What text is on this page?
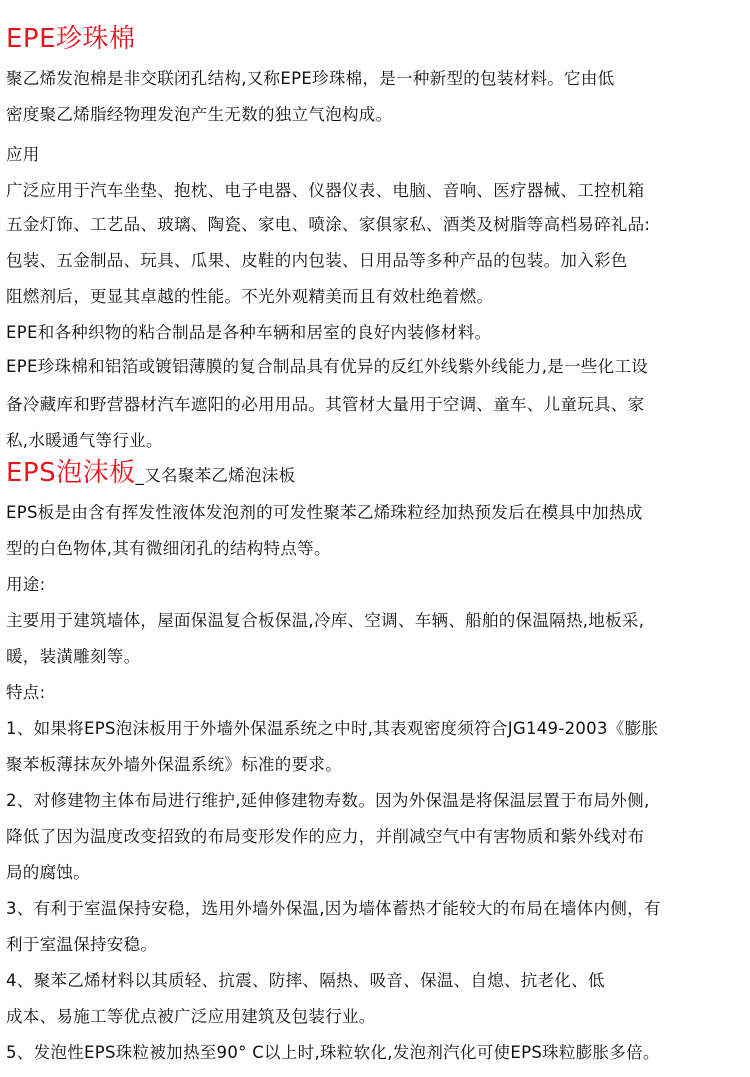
EPE珍珠棉
聚乙烯发泡棉是非交联闭孔结构,又称EPE珍珠棉，是一种新型的包装材料。它由低
密度聚乙烯脂经物理发泡产生无数的独立气泡构成。
应用
广泛应用于汽车坐垫、抱枕、电子电器、仪器仪表、电脑、音响、医疗器械、工控机箱
五金灯饰、工艺品、玻璃、陶瓷、家电、喷涂、家俱家私、酒类及树脂等高档易碎礼品:
包装、五金制品、玩具、瓜果、皮鞋的内包装、日用品等多种产品的包装。加入彩色
阻燃剂后，更显其卓越的性能。不光外观精美而且有效杜绝着燃。
EPE和各种织物的粘合制品是各种车辆和居室的良好内装修材料。
EPE珍珠棉和铝箔或镀铝薄膜的复合制品具有优异的反红外线紫外线能力,是一些化工设
备冷藏库和野营器材汽车遮阳的必用用品。其管材大量用于空调、童车、儿童玩具、家
私,水暖通气等行业。
EPS泡沫板_又名聚苯乙烯泡沫板
EPS板是由含有挥发性液体发泡剂的可发性聚苯乙烯珠粒经加热预发后在模具中加热成
型的白色物体,其有微细闭孔的结构特点等。
用途:
主要用于建筑墙体，屋面保温复合板保温,冷库、空调、车辆、船舶的保温隔热,地板采,
暖，装潢雕刻等。
特点:
1、如果将EPS泡沫板用于外墙外保温系统之中时,其表观密度须符合JG149-2003《膨胀
聚苯板薄抹灰外墙外保温系统》标准的要求。
2、对修建物主体布局进行维护,延伸修建物寿数。因为外保温是将保温层置于布局外侧,
降低了因为温度改变招致的布局变形发作的应力，并削减空气中有害物质和紫外线对布
局的腐蚀。
3、有利于室温保持安稳，选用外墙外保温,因为墙体蓄热才能较大的布局在墙体内侧，有
利于室温保持安稳。
4、聚苯乙烯材料以其质轻、抗震、防摔、隔热、吸音、保温、自熄、抗老化、低
成本、易施工等优点被广泛应用建筑及包装行业。
5、发泡性EPS珠粒被加热至90° C以上时,珠粒软化,发泡剂汽化可使EPS珠粒膨胀多倍。
